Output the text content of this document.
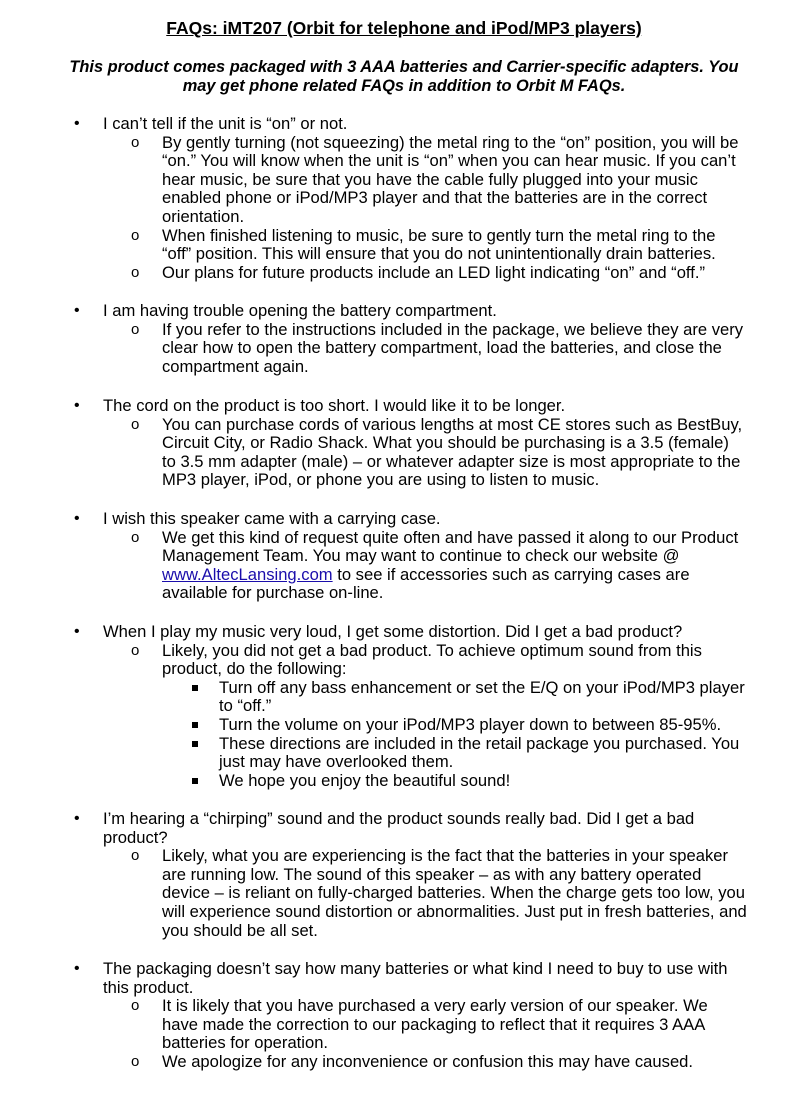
FAQs: iMT207 (Orbit for telephone and iPod/MP3 players)
This product comes packaged with 3 AAA batteries and Carrier-specific adapters. You may get phone related FAQs in addition to Orbit M FAQs.
• I can’t tell if the unit is “on” or not.
o By gently turning (not squeezing) the metal ring to the “on” position, you will be “on.” You will know when the unit is “on” when you can hear music. If you can’t hear music, be sure that you have the cable fully plugged into your music enabled phone or iPod/MP3 player and that the batteries are in the correct orientation.
o When finished listening to music, be sure to gently turn the metal ring to the “off” position. This will ensure that you do not unintentionally drain batteries.
o Our plans for future products include an LED light indicating “on” and “off.”
• I am having trouble opening the battery compartment.
o If you refer to the instructions included in the package, we believe they are very clear how to open the battery compartment, load the batteries, and close the compartment again.
• The cord on the product is too short. I would like it to be longer.
o You can purchase cords of various lengths at most CE stores such as BestBuy, Circuit City, or Radio Shack. What you should be purchasing is a 3.5 (female) to 3.5 mm adapter (male) – or whatever adapter size is most appropriate to the MP3 player, iPod, or phone you are using to listen to music.
• I wish this speaker came with a carrying case.
o We get this kind of request quite often and have passed it along to our Product Management Team. You may want to continue to check our website @ www.AltecLansing.com to see if accessories such as carrying cases are available for purchase on-line.
• When I play my music very loud, I get some distortion. Did I get a bad product?
o Likely, you did not get a bad product. To achieve optimum sound from this product, do the following:
Turn off any bass enhancement or set the E/Q on your iPod/MP3 player to “off.”
Turn the volume on your iPod/MP3 player down to between 85-95%.
These directions are included in the retail package you purchased. You just may have overlooked them.
We hope you enjoy the beautiful sound!
• I’m hearing a “chirping” sound and the product sounds really bad. Did I get a bad product?
o Likely, what you are experiencing is the fact that the batteries in your speaker are running low. The sound of this speaker – as with any battery operated device – is reliant on fully-charged batteries. When the charge gets too low, you will experience sound distortion or abnormalities. Just put in fresh batteries, and you should be all set.
• The packaging doesn’t say how many batteries or what kind I need to buy to use with this product.
o It is likely that you have purchased a very early version of our speaker. We have made the correction to our packaging to reflect that it requires 3 AAA batteries for operation.
o We apologize for any inconvenience or confusion this may have caused.
